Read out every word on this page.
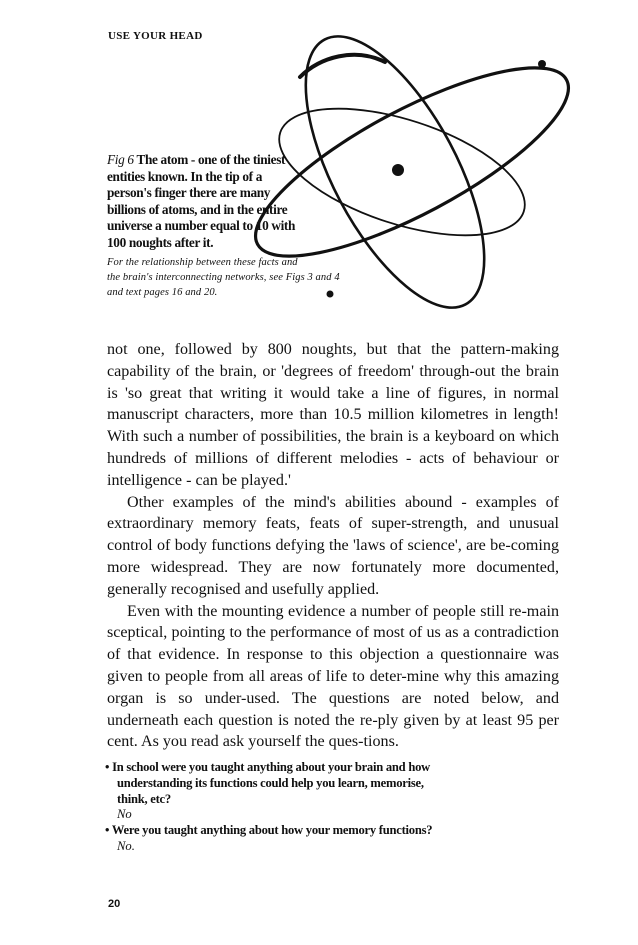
USE YOUR HEAD
Fig 6 The atom - one of the tiniest
entities known. In the tip of a
person's finger there are many
billions of atoms, and in the entire
universe a number equal to 10 with
100 noughts after it.
For the relationship between these facts and
the brain's interconnecting networks, see Figs 3 and 4
and text pages 16 and 20.

not one, followed by 800 noughts, but that the pattern-making capability of the brain, or 'degrees of freedom' through-out the brain is 'so great that writing it would take a line of figures, in normal manuscript characters, more than 10.5 million kilometres in length! With such a number of possibilities, the brain is a keyboard on which hundreds of millions of different melodies - acts of behaviour or intelligence - can be played.'

Other examples of the mind's abilities abound - examples of extraordinary memory feats, feats of super-strength, and unusual control of body functions defying the 'laws of science', are be-coming more widespread. They are now fortunately more documented, generally recognised and usefully applied.

Even with the mounting evidence a number of people still re-main sceptical, pointing to the performance of most of us as a contradiction of that evidence. In response to this objection a questionnaire was given to people from all areas of life to deter-mine why this amazing organ is so under-used. The questions are noted below, and underneath each question is noted the re-ply given by at least 95 per cent. As you read ask yourself the ques-tions.

• In school were you taught anything about your brain and how
understanding its functions could help you learn, memorise,
think, etc?
No
• Were you taught anything about how your memory functions?
No.
20
